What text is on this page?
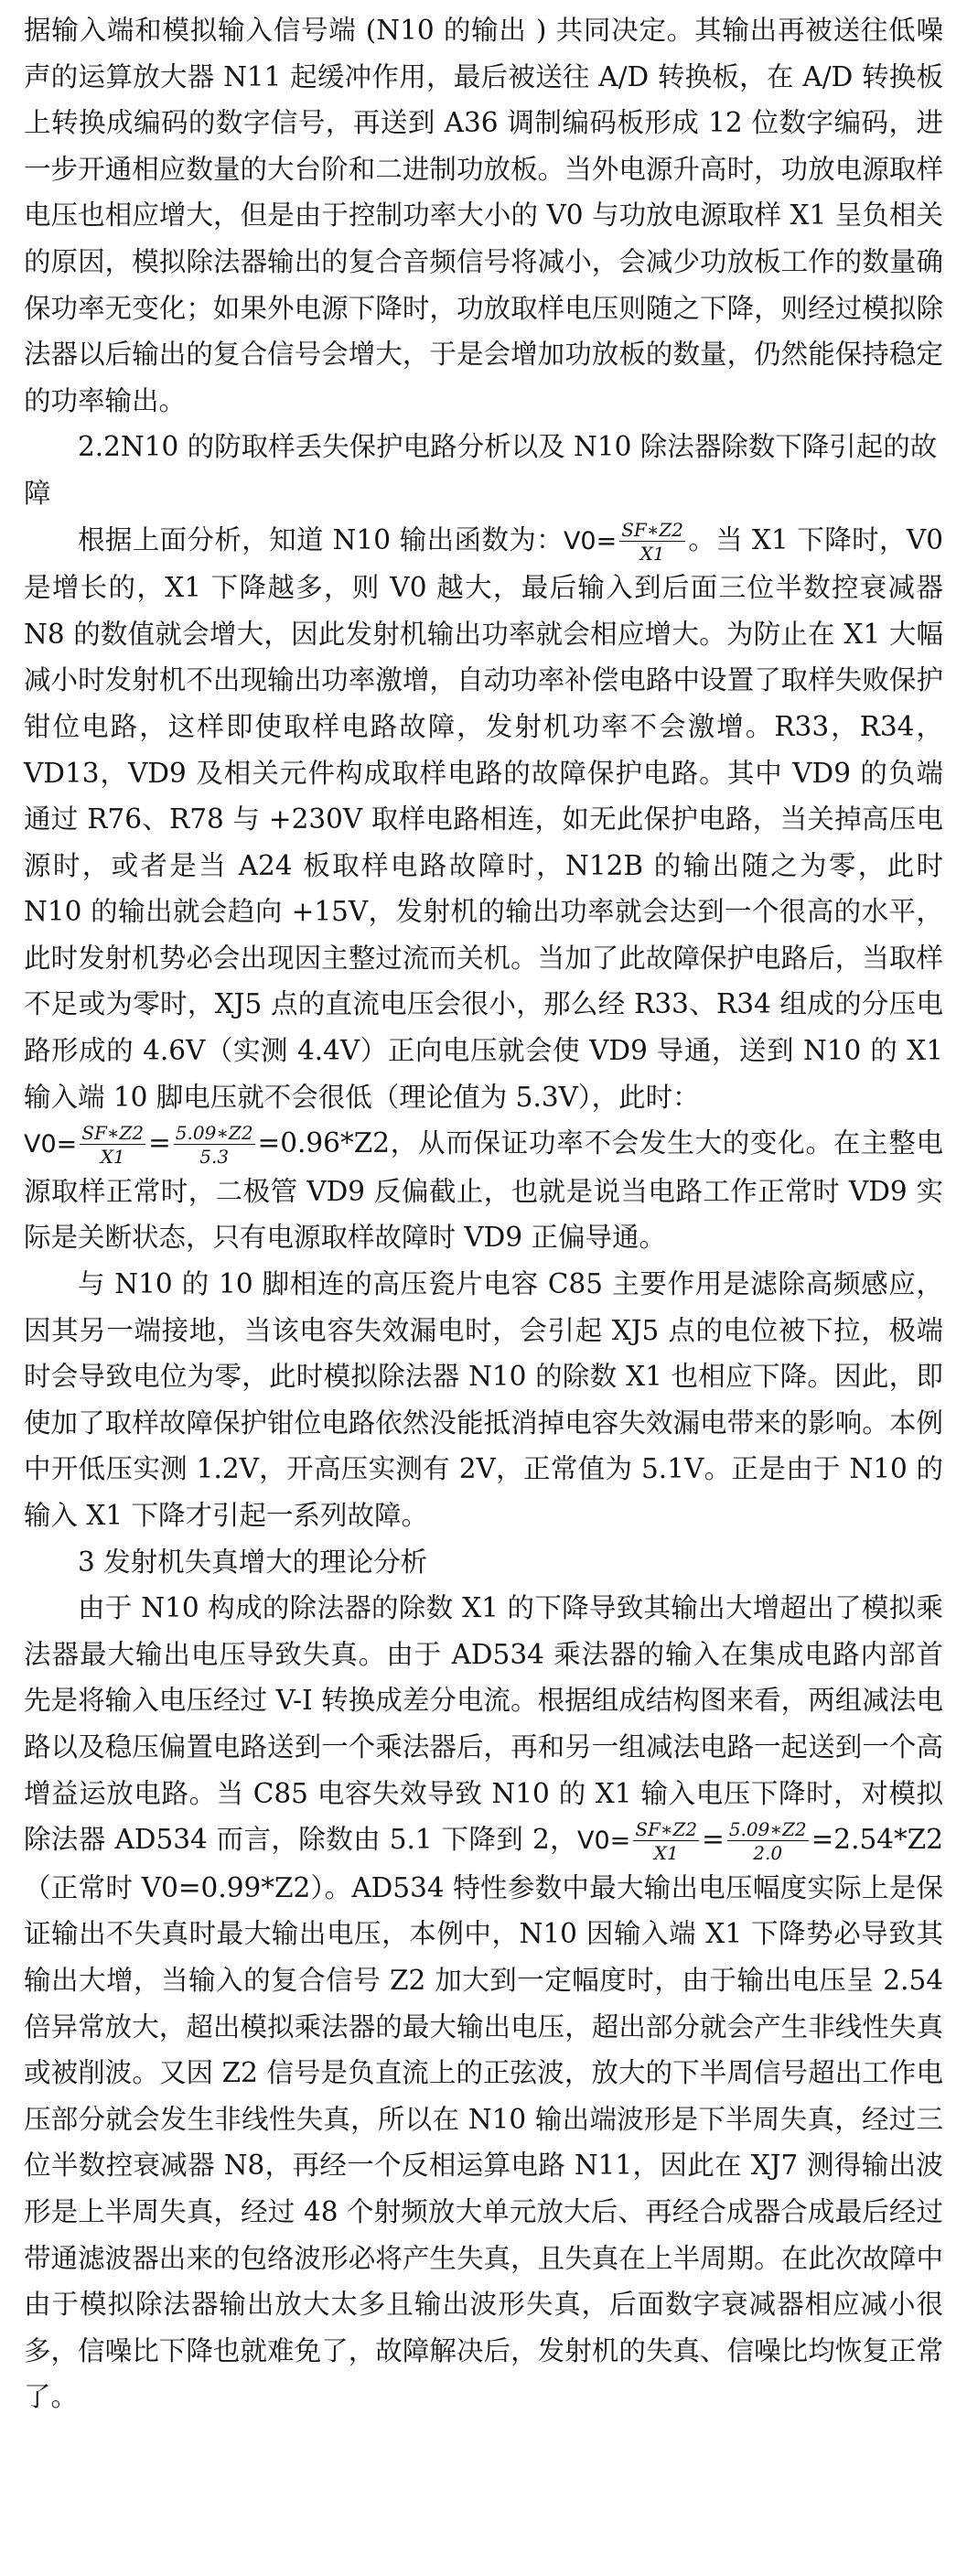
据输入端和模拟输入信号端 (N10 的输出 ) 共同决定。其输出再被送往低噪声的运算放大器 N11 起缓冲作用，最后被送往 A/D 转换板，在 A/D 转换板上转换成编码的数字信号，再送到 A36 调制编码板形成 12 位数字编码，进一步开通相应数量的大台阶和二进制功放板。当外电源升高时，功放电源取样电压也相应增大，但是由于控制功率大小的 V0 与功放电源取样 X1 呈负相关的原因，模拟除法器输出的复合音频信号将减小，会减少功放板工作的数量确保功率无变化；如果外电源下降时，功放取样电压则随之下降，则经过模拟除法器以后输出的复合信号会增大，于是会增加功放板的数量，仍然能保持稳定的功率输出。

2.2N10 的防取样丢失保护电路分析以及 N10 除法器除数下降引起的故障

根据上面分析，知道 N10 输出函数为：$V0= \frac{SF∗Z2}{X1}$ 。当 X1 下降时，V0 是增长的，X1 下降越多，则 V0 越大，最后输入到后面三位半数控衰减器 N8 的数值就会增大，因此发射机输出功率就会相应增大。为防止在 X1 大幅减小时发射机不出现输出功率激增，自动功率补偿电路中设置了取样失败保护钳位电路，这样即使取样电路故障，发射机功率不会激增。R33，R34，VD13，VD9 及相关元件构成取样电路的故障保护电路。其中 VD9 的负端通过 R76、R78 与 +230V 取样电路相连，如无此保护电路，当关掉高压电源时，或者是当 A24 板取样电路故障时，N12B 的输出随之为零，此时 N10 的输出就会趋向 +15V，发射机的输出功率就会达到一个很高的水平，此时发射机势必会出现因主整过流而关机。当加了此故障保护电路后，当取样不足或为零时，XJ5 点的直流电压会很小，那么经 R33、R34 组成的分压电路形成的 4.6V（实测 4.4V）正向电压就会使 VD9 导通，送到 N10 的 X1 输入端 10 脚电压就不会很低（理论值为 5.3V），此时：
$V0= \frac{SF∗Z2}{X1} = \frac{5.09∗Z2}{5.3} =0.96*Z2$，从而保证功率不会发生大的变化。在主整电源取样正常时，二极管 VD9 反偏截止，也就是说当电路工作正常时 VD9 实际是关断状态，只有电源取样故障时 VD9 正偏导通。

与 N10 的 10 脚相连的高压瓷片电容 C85 主要作用是滤除高频感应，因其另一端接地，当该电容失效漏电时，会引起 XJ5 点的电位被下拉，极端时会导致电位为零，此时模拟除法器 N10 的除数 X1 也相应下降。因此，即使加了取样故障保护钳位电路依然没能抵消掉电容失效漏电带来的影响。本例中开低压实测 1.2V，开高压实测有 2V，正常值为 5.1V。正是由于 N10 的输入 X1 下降才引起一系列故障。

3 发射机失真增大的理论分析

由于 N10 构成的除法器的除数 X1 的下降导致其输出大增超出了模拟乘法器最大输出电压导致失真。由于 AD534 乘法器的输入在集成电路内部首先是将输入电压经过 V-I 转换成差分电流。根据组成结构图来看，两组减法电路以及稳压偏置电路送到一个乘法器后，再和另一组减法电路一起送到一个高增益运放电路。当 C85 电容失效导致 N10 的 X1 输入电压下降时，对模拟除法器 AD534 而言，除数由 5.1 下降到 2，$V0= \frac{SF∗Z2}{X1} = \frac{5.09∗Z2}{2.0} =2.54*Z2$（正常时 V0=0.99*Z2）。AD534 特性参数中最大输出电压幅度实际上是保证输出不失真时最大输出电压，本例中，N10 因输入端 X1 下降势必导致其输出大增，当输入的复合信号 Z2 加大到一定幅度时，由于输出电压呈 2.54 倍异常放大，超出模拟乘法器的最大输出电压，超出部分就会产生非线性失真或被削波。又因 Z2 信号是负直流上的正弦波，放大的下半周信号超出工作电压部分就会发生非线性失真，所以在 N10 输出端波形是下半周失真，经过三位半数控衰减器 N8，再经一个反相运算电路 N11，因此在 XJ7 测得输出波形是上半周失真，经过 48 个射频放大单元放大后、再经合成器合成最后经过带通滤波器出来的包络波形必将产生失真，且失真在上半周期。在此次故障中由于模拟除法器输出放大太多且输出波形失真，后面数字衰减器相应减小很多，信噪比下降也就难免了，故障解决后，发射机的失真、信噪比均恢复正常了。
